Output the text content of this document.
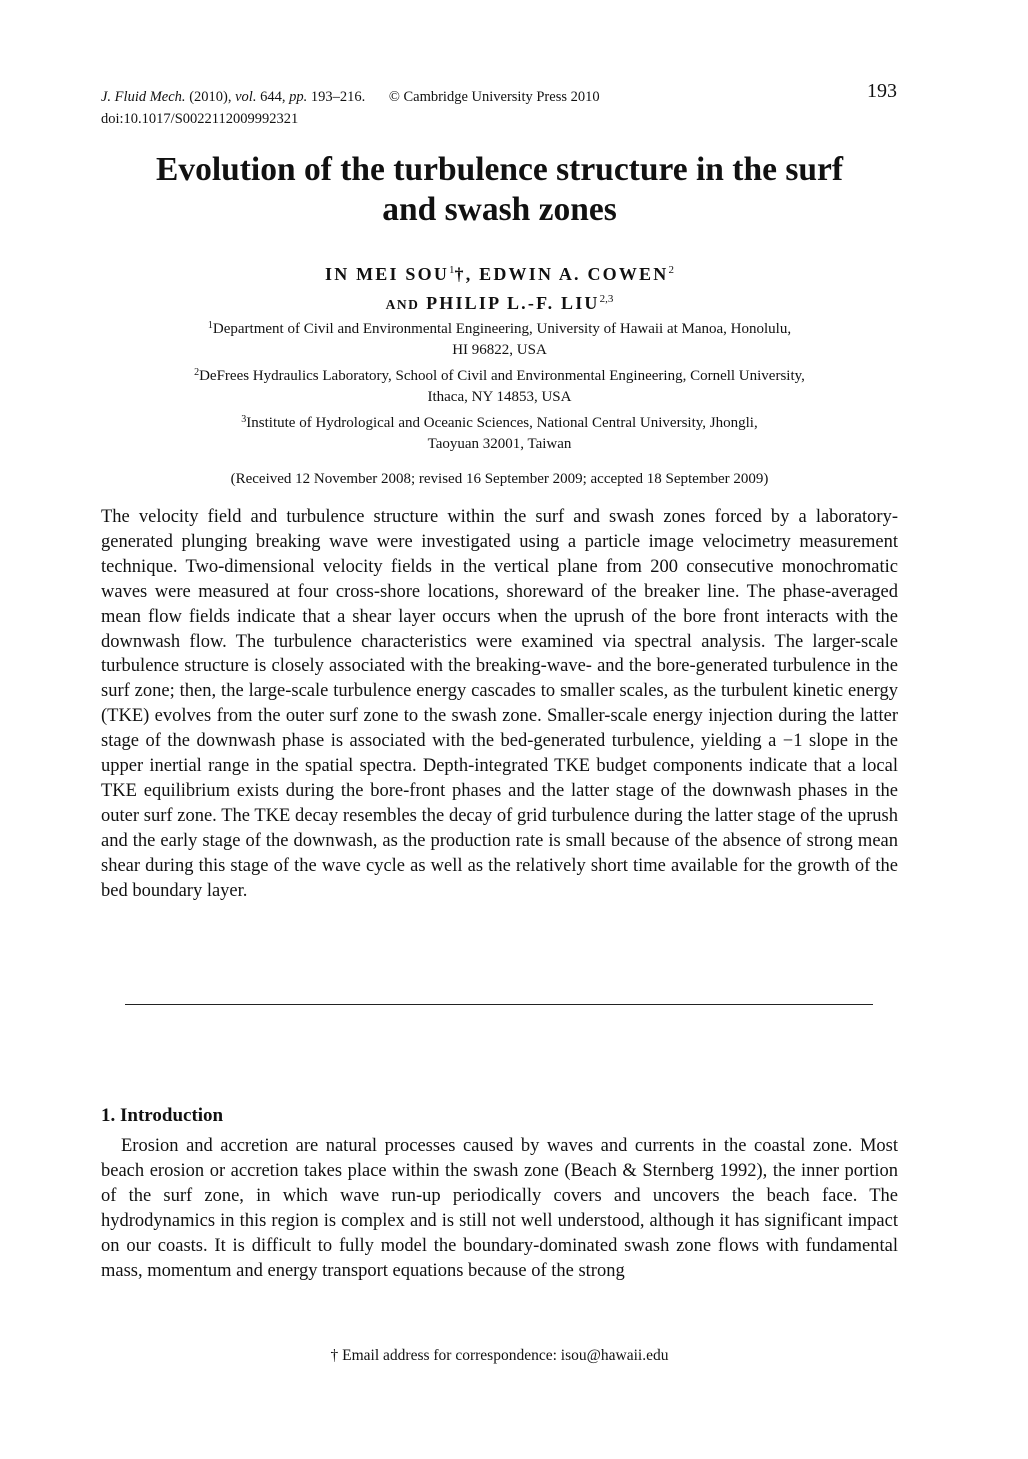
J. Fluid Mech. (2010), vol. 644, pp. 193–216. © Cambridge University Press 2010
doi:10.1017/S0022112009992321
193
Evolution of the turbulence structure in the surf
and swash zones
IN MEI SOU$^1$†, EDWIN A. COWEN$^2$
AND PHILIP L.-F. LIU$^{2,3}$
$^1$Department of Civil and Environmental Engineering, University of Hawaii at Manoa, Honolulu,
HI 96822, USA
$^2$DeFrees Hydraulics Laboratory, School of Civil and Environmental Engineering, Cornell University,
Ithaca, NY 14853, USA
$^3$Institute of Hydrological and Oceanic Sciences, National Central University, Jhongli,
Taoyuan 32001, Taiwan
(Received 12 November 2008; revised 16 September 2009; accepted 18 September 2009)
The velocity field and turbulence structure within the surf and swash zones forced by a laboratory-generated plunging breaking wave were investigated using a particle image velocimetry measurement technique. Two-dimensional velocity fields in the vertical plane from 200 consecutive monochromatic waves were measured at four cross-shore locations, shoreward of the breaker line. The phase-averaged mean flow fields indicate that a shear layer occurs when the uprush of the bore front interacts with the downwash flow. The turbulence characteristics were examined via spectral analysis. The larger-scale turbulence structure is closely associated with the breaking-wave- and the bore-generated turbulence in the surf zone; then, the large-scale turbulence energy cascades to smaller scales, as the turbulent kinetic energy (TKE) evolves from the outer surf zone to the swash zone. Smaller-scale energy injection during the latter stage of the downwash phase is associated with the bed-generated turbulence, yielding a −1 slope in the upper inertial range in the spatial spectra. Depth-integrated TKE budget components indicate that a local TKE equilibrium exists during the bore-front phases and the latter stage of the downwash phases in the outer surf zone. The TKE decay resembles the decay of grid turbulence during the latter stage of the uprush and the early stage of the downwash, as the production rate is small because of the absence of strong mean shear during this stage of the wave cycle as well as the relatively short time available for the growth of the bed boundary layer.
1. Introduction
Erosion and accretion are natural processes caused by waves and currents in the coastal zone. Most beach erosion or accretion takes place within the swash zone (Beach & Sternberg 1992), the inner portion of the surf zone, in which wave run-up periodically covers and uncovers the beach face. The hydrodynamics in this region is complex and is still not well understood, although it has significant impact on our coasts. It is difficult to fully model the boundary-dominated swash zone flows with fundamental mass, momentum and energy transport equations because of the strong
† Email address for correspondence: isou@hawaii.edu
